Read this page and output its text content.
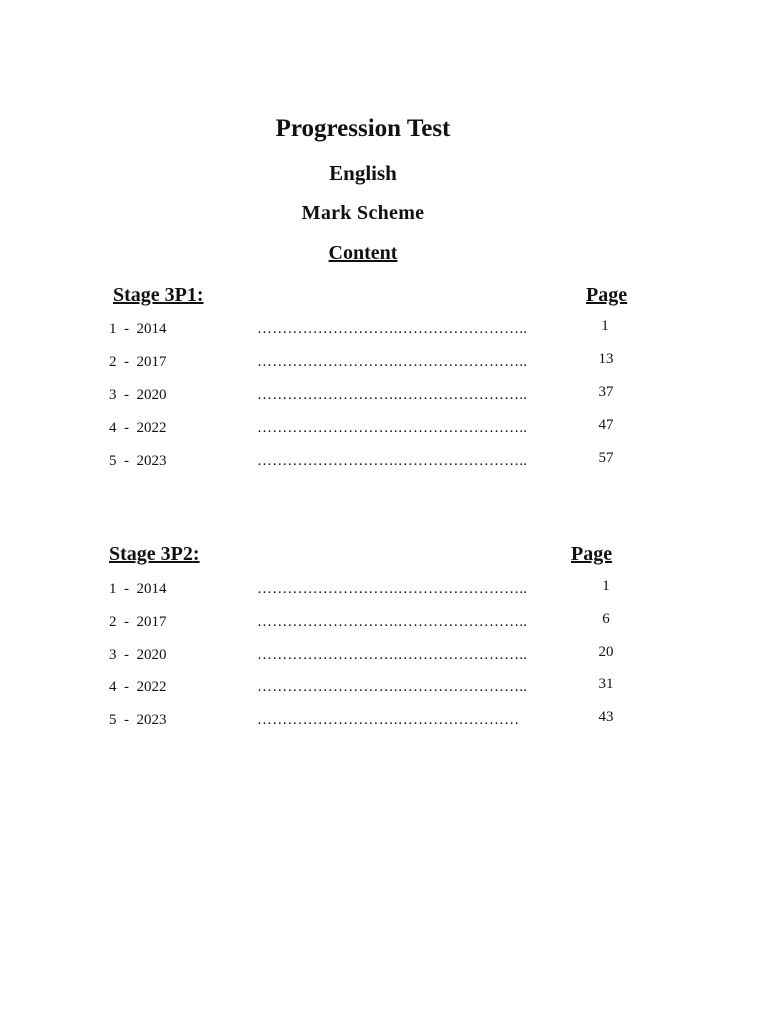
Progression Test
English
Mark Scheme
Content
Stage 3P1:	Page
1  -  2014	……………………….……………………..	1
2  -  2017	……………………….……………………..	13
3  -  2020	……………………….……………………..	37
4  -  2022	……………………….……………………..	47
5  -  2023	……………………….……………………..	57
Stage 3P2:	Page
1  -  2014	……………………….……………………..	1
2  -  2017	……………………….……………………..	6
3  -  2020	……………………….……………………..	20
4  -  2022	……………………….……………………..	31
5  -  2023	……………………….……………………	43
